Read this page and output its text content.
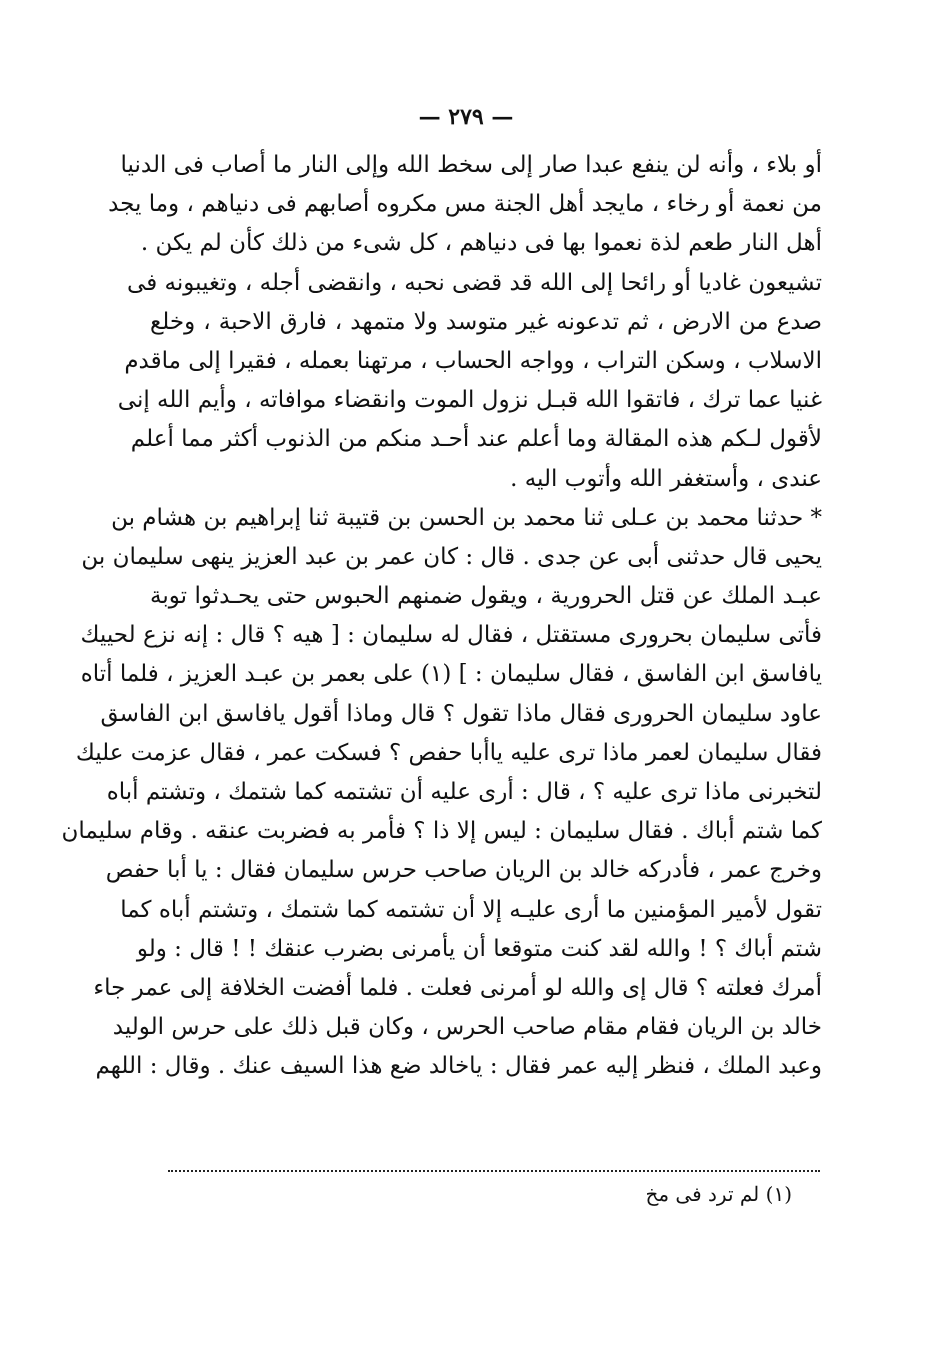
— ٢٧٩ —
أو بلاء ، وأنه لن ينفع عبدا صار إلى سخط الله وإلى النار ما أصاب فى الدنيا
من نعمة أو رخاء ، مايجد أهل الجنة مس مكروه أصابهم فى دنياهم ، وما يجد
أهل النار طعم لذة نعموا بها فى دنياهم ، كل شىء من ذلك كأن لم يكن .
تشيعون غاديا أو رائحا إلى الله قد قضى نحبه ، وانقضى أجله ، وتغيبونه فى
صدع من الارض ، ثم تدعونه غير متوسد ولا متمهد ، فارق الاحبة ، وخلع
الاسلاب ، وسكن التراب ، وواجه الحساب ، مرتهنا بعمله ، فقيرا إلى ماقدم
غنيا عما ترك ، فاتقوا الله قبـل نزول الموت وانقضاء موافاته ، وأيم الله إنى
لأقول لـكم هذه المقالة وما أعلم عند أحـد منكم من الذنوب أكثر مما أعلم
عندى ، وأستغفر الله وأتوب اليه .
* حدثنا محمد بن عـلى ثنا محمد بن الحسن بن قتيبة ثنا إبراهيم بن هشام بن
يحيى قال حدثنى أبى عن جدى . قال : كان عمر بن عبد العزيز ينهى سليمان بن
عبـد الملك عن قتل الحرورية ، ويقول ضمنهم الحبوس حتى يحـدثوا توبة
فأتى سليمان بحرورى مستقتل ، فقال له سليمان : [ هيه ؟ قال : إنه نزع لحييك
يافاسق ابن الفاسق ، فقال سليمان : ] (١) على بعمر بن عبـد العزيز ، فلما أتاه
عاود سليمان الحرورى فقال ماذا تقول ؟ قال وماذا أقول يافاسق ابن الفاسق
فقال سليمان لعمر ماذا ترى عليه ياأبا حفص ؟ فسكت عمر ، فقال عزمت عليك
لتخبرنى ماذا ترى عليه ؟ ، قال : أرى عليه أن تشتمه كما شتمك ، وتشتم أباه
كما شتم أباك . فقال سليمان : ليس إلا ذا ؟ فأمر به فضربت عنقه . وقام سليمان
وخرج عمر ، فأدركه خالد بن الريان صاحب حرس سليمان فقال : يا أبا حفص
تقول لأمير المؤمنين ما أرى عليـه إلا أن تشتمه كما شتمك ، وتشتم أباه كما
شتم أباك ؟ ! والله لقد كنت متوقعا أن يأمرنى بضرب عنقك ! ! قال : ولو
أمرك فعلته ؟ قال إى والله لو أمرنى فعلت . فلما أفضت الخلافة إلى عمر جاء
خالد بن الريان فقام مقام صاحب الحرس ، وكان قبل ذلك على حرس الوليد
وعبد الملك ، فنظر إليه عمر فقال : ياخالد ضع هذا السيف عنك . وقال : اللهم
(١) لم ترد فى مخ
